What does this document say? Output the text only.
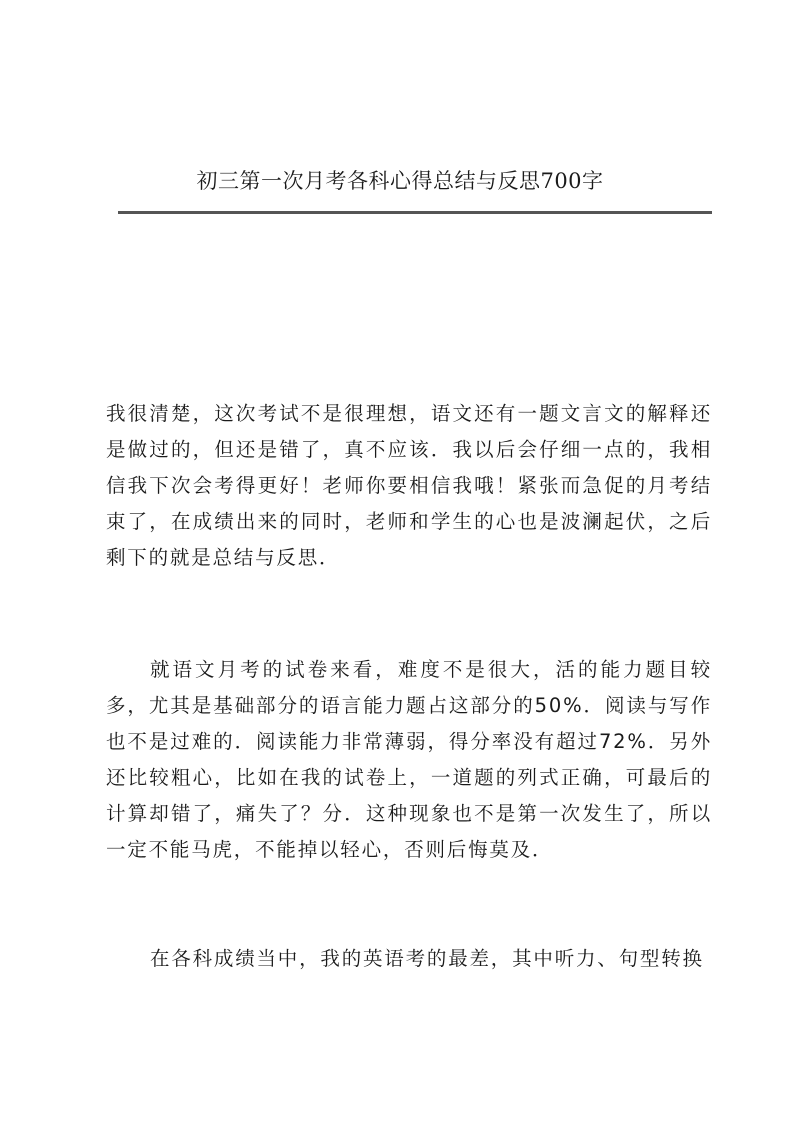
初三第一次月考各科心得总结与反思700字

我很清楚，这次考试不是很理想，语文还有一题文言文的解释还是做过的，但还是错了，真不应该．我以后会仔细一点的，我相信我下次会考得更好！老师你要相信我哦！紧张而急促的月考结束了，在成绩出来的同时，老师和学生的心也是波澜起伏，之后剩下的就是总结与反思．

就语文月考的试卷来看，难度不是很大，活的能力题目较多，尤其是基础部分的语言能力题占这部分的50%．阅读与写作也不是过难的．阅读能力非常薄弱，得分率没有超过72%．另外还比较粗心，比如在我的试卷上，一道题的列式正确，可最后的计算却错了，痛失了？分．这种现象也不是第一次发生了，所以一定不能马虎，不能掉以轻心，否则后悔莫及．

在各科成绩当中，我的英语考的最差，其中听力、句型转换
